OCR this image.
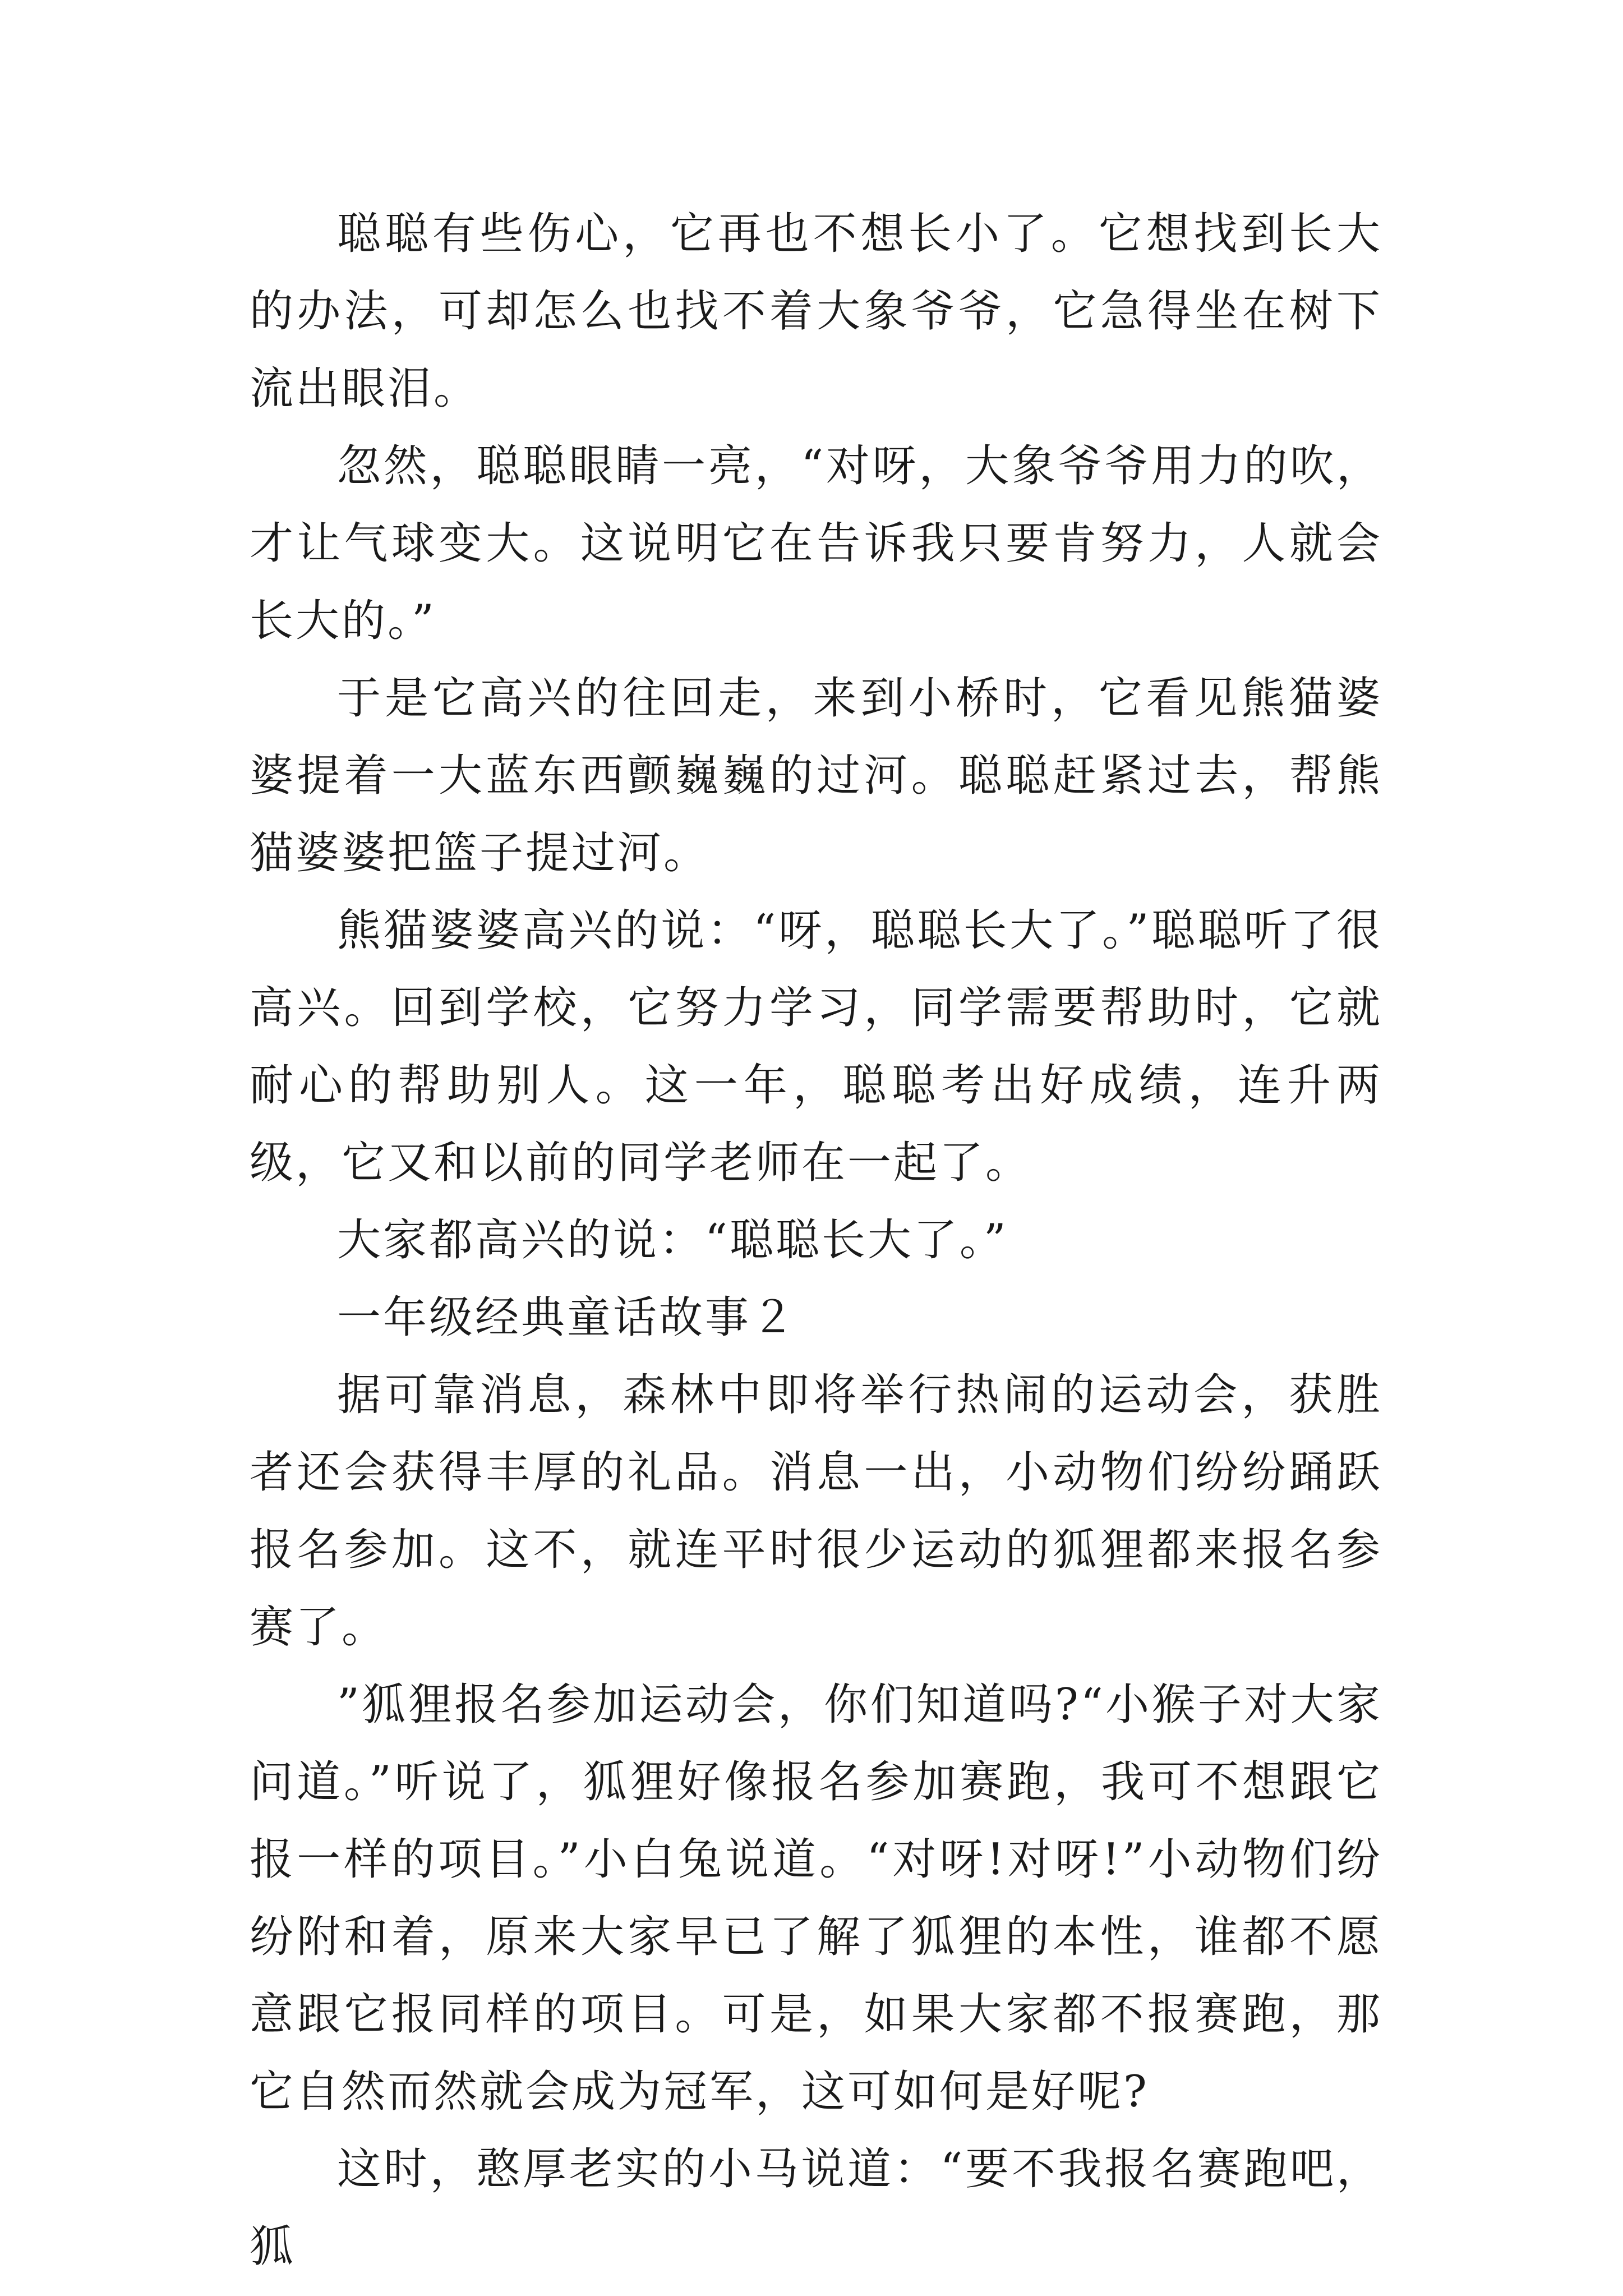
聪聪有些伤心，它再也不想长小了。它想找到长大的办法，可却怎么也找不着大象爷爷，它急得坐在树下流出眼泪。

忽然，聪聪眼睛一亮，“对呀，大象爷爷用力的吹，才让气球变大。这说明它在告诉我只要肯努力，人就会长大的。”

于是它高兴的往回走，来到小桥时，它看见熊猫婆婆提着一大蓝东西颤巍巍的过河。聪聪赶紧过去，帮熊猫婆婆把篮子提过河。

熊猫婆婆高兴的说：“呀，聪聪长大了。”聪聪听了很高兴。回到学校，它努力学习，同学需要帮助时，它就耐心的帮助别人。这一年，聪聪考出好成绩，连升两级，它又和以前的同学老师在一起了。

大家都高兴的说：“聪聪长大了。”

一年级经典童话故事２

据可靠消息，森林中即将举行热闹的运动会，获胜者还会获得丰厚的礼品。消息一出，小动物们纷纷踊跃报名参加。这不，就连平时很少运动的狐狸都来报名参赛了。

”狐狸报名参加运动会，你们知道吗?“小猴子对大家问道。”听说了，狐狸好像报名参加赛跑，我可不想跟它报一样的项目。”小白兔说道。“对呀!对呀!”小动物们纷纷附和着，原来大家早已了解了狐狸的本性，谁都不愿意跟它报同样的项目。可是，如果大家都不报赛跑，那它自然而然就会成为冠军，这可如何是好呢?

这时，憨厚老实的小马说道：“要不我报名赛跑吧，狐
